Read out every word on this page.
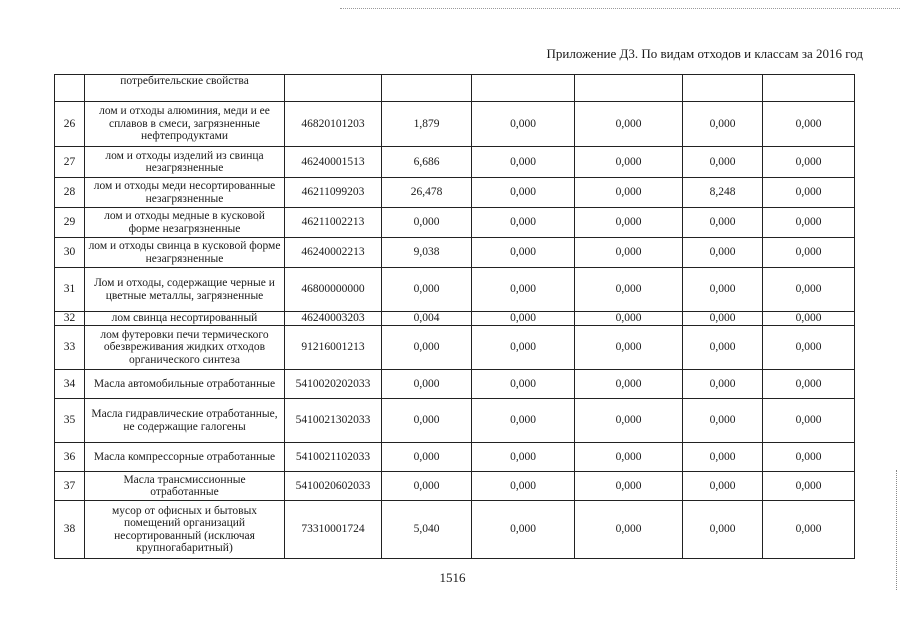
Приложение Д3. По видам отходов и классам за 2016 год
	потребительские свойства						
26	лом и отходы алюминия, меди и ее сплавов в смеси, загрязненные нефтепродуктами	46820101203	1,879	0,000	0,000	0,000	0,000
27	лом и отходы изделий из свинца незагрязненные	46240001513	6,686	0,000	0,000	0,000	0,000
28	лом и отходы меди несортированные незагрязненные	46211099203	26,478	0,000	0,000	8,248	0,000
29	лом и отходы медные в кусковой форме незагрязненные	46211002213	0,000	0,000	0,000	0,000	0,000
30	лом и отходы свинца в кусковой форме незагрязненные	46240002213	9,038	0,000	0,000	0,000	0,000
31	Лом и отходы, содержащие черные и цветные металлы, загрязненные	46800000000	0,000	0,000	0,000	0,000	0,000
32	лом свинца несортированный	46240003203	0,004	0,000	0,000	0,000	0,000
33	лом футеровки печи термического обезвреживания жидких отходов органического синтеза	91216001213	0,000	0,000	0,000	0,000	0,000
34	Масла автомобильные отработанные	5410020202033	0,000	0,000	0,000	0,000	0,000
35	Масла гидравлические отработанные, не содержащие галогены	5410021302033	0,000	0,000	0,000	0,000	0,000
36	Масла компрессорные отработанные	5410021102033	0,000	0,000	0,000	0,000	0,000
37	Масла трансмиссионные отработанные	5410020602033	0,000	0,000	0,000	0,000	0,000
38	мусор от офисных и бытовых помещений организаций несортированный (исключая крупногабаритный)	73310001724	5,040	0,000	0,000	0,000	0,000
1516
